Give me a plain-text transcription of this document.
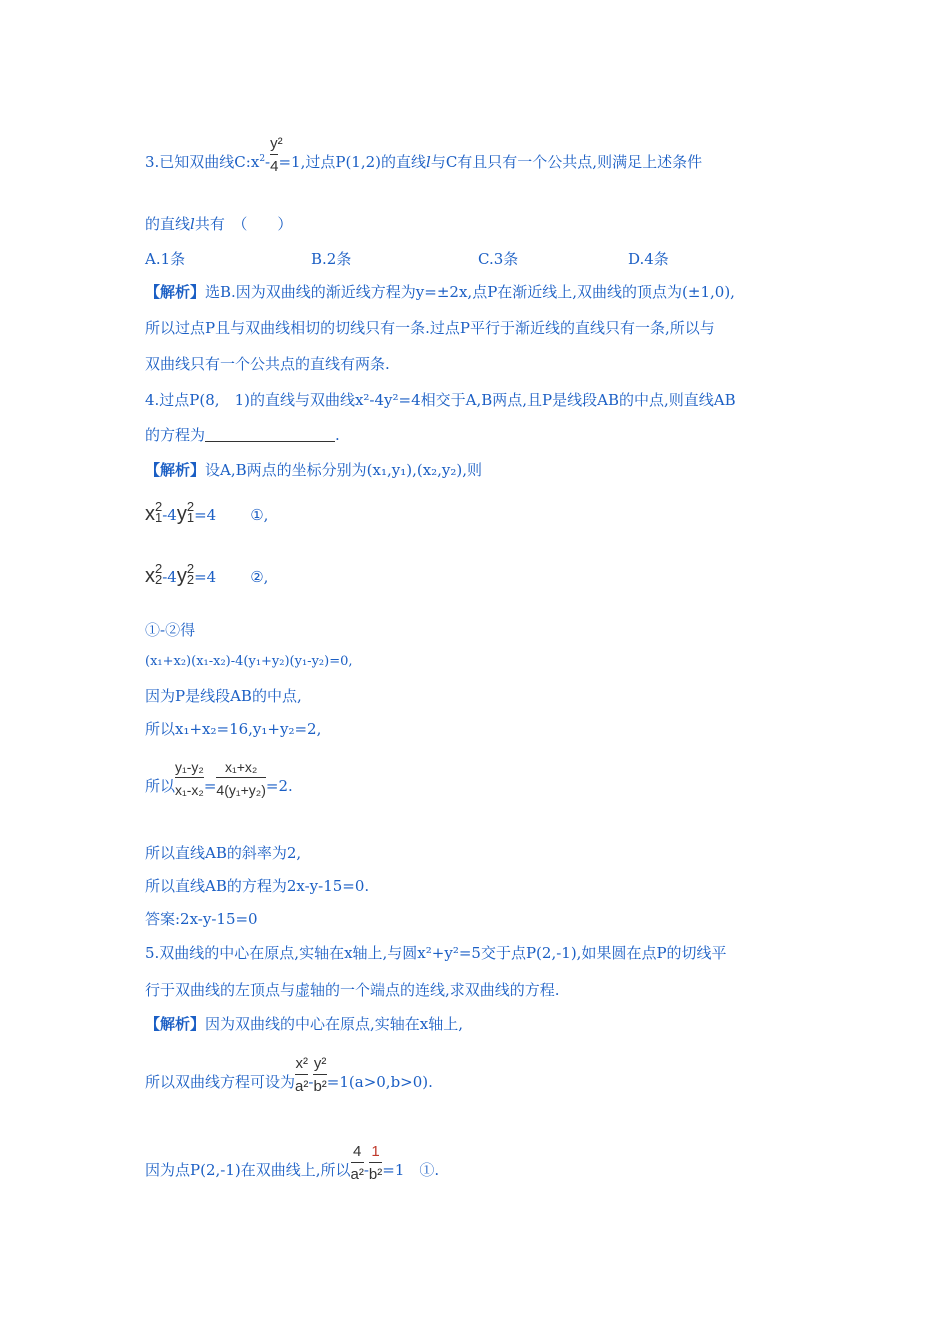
3.已知双曲线$C:x^2- \frac{\text{y²}}{4}=1$,过点P(1,2)的直线l与C有且只有一个公共点,则满足上述条件
的直线l共有　（　　）
A.1条	B.2条	C.3条	D.4条
【解析】选B.因为双曲线的渐近线方程为y=±2x,点P在渐近线上,双曲线的顶点为(±1,0),
所以过点P且与双曲线相切的切线只有一条.过点P平行于渐近线的直线只有一条,所以与
双曲线只有一个公共点的直线有两条.
4.过点P(8,　1)的直线与双曲线x²-4y²=4相交于A,B两点,且P是线段AB的中点,则直线AB
的方程为	.
【解析】设A,B两点的坐标分别为(x₁,y₁),(x₂,y₂),则
x 2
1 -4y 2
1 =4 ①,
x 2
2 -4y 2
2 =4 ②,
①-②得
(x₁+x₂)(x₁-x₂)-4(y₁+y₂)(y₁-y₂)=0,
因为P是线段AB的中点,
所以x₁+x₂=16,y₁+y₂=2,
所以 $\frac{\text{y₁-y₂}}{\text{x₁-x₂}}= \frac{\text{x₁+x₂}}{\text{4(y₁+y₂)}}=2$.
所以直线AB的斜率为2,
所以直线AB的方程为2x-y-15=0.
答案:2x-y-15=0
5.双曲线的中心在原点,实轴在x轴上,与圆x²+y²=5交于点P(2,-1),如果圆在点P的切线平
行于双曲线的左顶点与虚轴的一个端点的连线,求双曲线的方程.
【解析】因为双曲线的中心在原点,实轴在x轴上,
所以双曲线方程可设为 $\frac{\text{x²}}{\text{a²}}- \frac{\text{y²}}{\text{b²}}=1(a>0,b>0)$.
因为点P(2,-1)在双曲线上,所以 $\frac{4}{\text{a²}}- \frac{1}{\text{b²}}=1$　①.
